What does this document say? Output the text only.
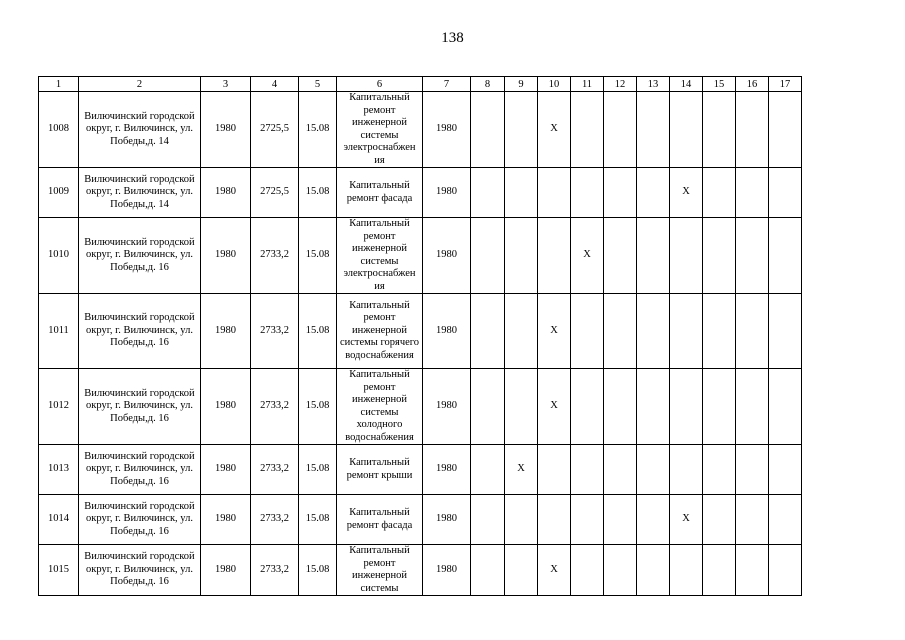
138
1	2	3	4	5	6	7	8	9	10	11	12	13	14	15	16	17
1008	Вилючинский городской округ, г. Вилючинск, ул. Победы,д. 14	1980	2725,5	15.08	Капитальный ремонт инженерной системы электроснабжен ия	1980			X							
1009	Вилючинский городской округ, г. Вилючинск, ул. Победы,д. 14	1980	2725,5	15.08	Капитальный ремонт фасада	1980							X			
1010	Вилючинский городской округ, г. Вилючинск, ул. Победы,д. 16	1980	2733,2	15.08	Капитальный ремонт инженерной системы электроснабжен ия	1980				X						
1011	Вилючинский городской округ, г. Вилючинск, ул. Победы,д. 16	1980	2733,2	15.08	Капитальный ремонт инженерной системы горячего водоснабжения	1980			X							
1012	Вилючинский городской округ, г. Вилючинск, ул. Победы,д. 16	1980	2733,2	15.08	Капитальный ремонт инженерной системы холодного водоснабжения	1980			X							
1013	Вилючинский городской округ, г. Вилючинск, ул. Победы,д. 16	1980	2733,2	15.08	Капитальный ремонт крыши	1980		X								
1014	Вилючинский городской округ, г. Вилючинск, ул. Победы,д. 16	1980	2733,2	15.08	Капитальный ремонт фасада	1980							X			
1015	Вилючинский городской округ, г. Вилючинск, ул. Победы,д. 16	1980	2733,2	15.08	Капитальный ремонт инженерной системы	1980			X							
